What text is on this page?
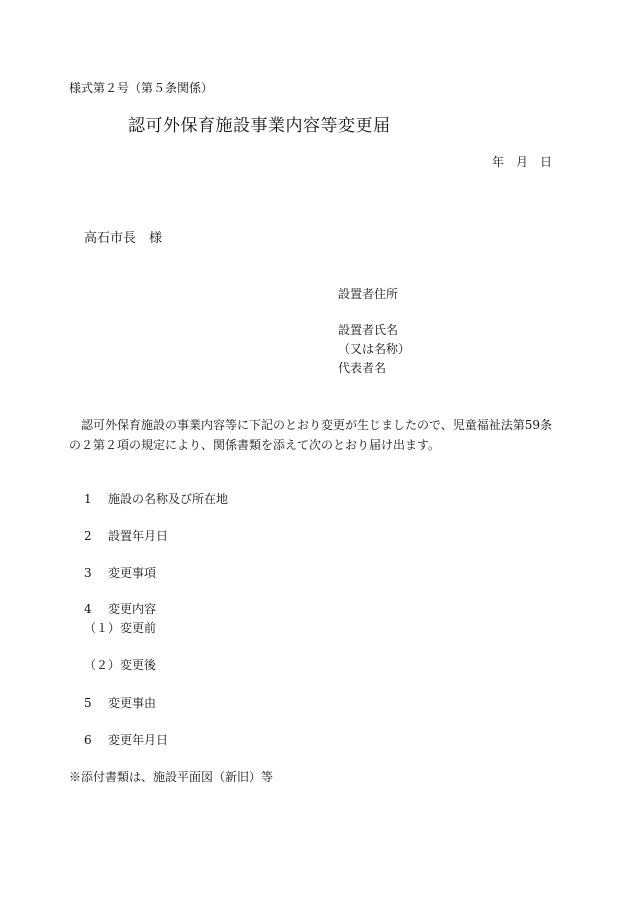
様式第２号（第５条関係）
認可外保育施設事業内容等変更届
年　月　日
高石市長　様
設置者住所
設置者氏名
（又は名称）
代表者名
認可外保育施設の事業内容等に下記のとおり変更が生じましたので、児童福祉法第59条の２第２項の規定により、関係書類を添えて次のとおり届け出ます。
1 施設の名称及び所在地
2 設置年月日
3 変更事項
4 変更内容
（１）変更前
（２）変更後
5 変更事由
6 変更年月日
※添付書類は、施設平面図（新旧）等
